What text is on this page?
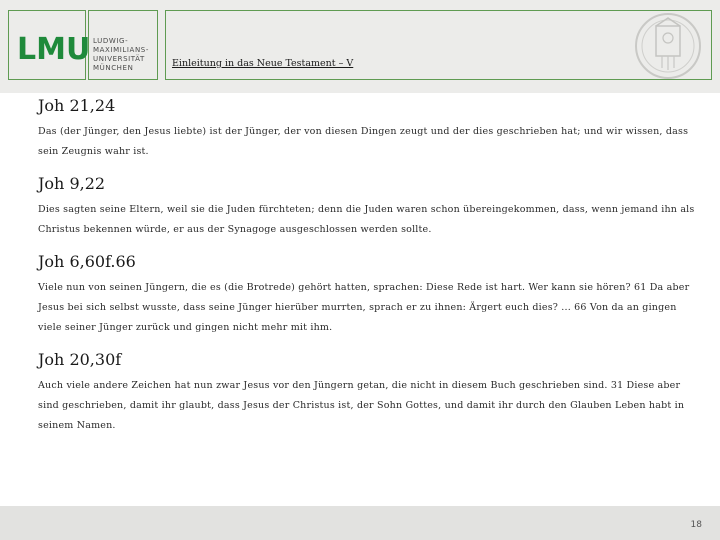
LMU LUDWIG-
MAXIMILIANS-
UNIVERSITÄT
MÜNCHEN	Einleitung in das Neue Testament – V
Joh 21,24
Das (der Jünger, den Jesus liebte) ist der Jünger, der von diesen Dingen zeugt und der dies geschrieben hat; und wir wissen, dass sein Zeugnis wahr ist.
Joh 9,22
Dies sagten seine Eltern, weil sie die Juden fürchteten; denn die Juden waren schon übereingekommen, dass, wenn jemand ihn als Christus bekennen würde, er aus der Synagoge ausgeschlossen werden sollte.
Joh 6,60f.66
Viele nun von seinen Jüngern, die es (die Brotrede) gehört hatten, sprachen: Diese Rede ist hart. Wer kann sie hören? 61 Da aber Jesus bei sich selbst wusste, dass seine Jünger hierüber murrten, sprach er zu ihnen: Ärgert euch dies? ... 66 Von da an gingen viele seiner Jünger zurück und gingen nicht mehr mit ihm.
Joh 20,30f
Auch viele andere Zeichen hat nun zwar Jesus vor den Jüngern getan, die nicht in diesem Buch geschrieben sind. 31 Diese aber sind geschrieben, damit ihr glaubt, dass Jesus der Christus ist, der Sohn Gottes, und damit ihr durch den Glauben Leben habt in seinem Namen.
18
